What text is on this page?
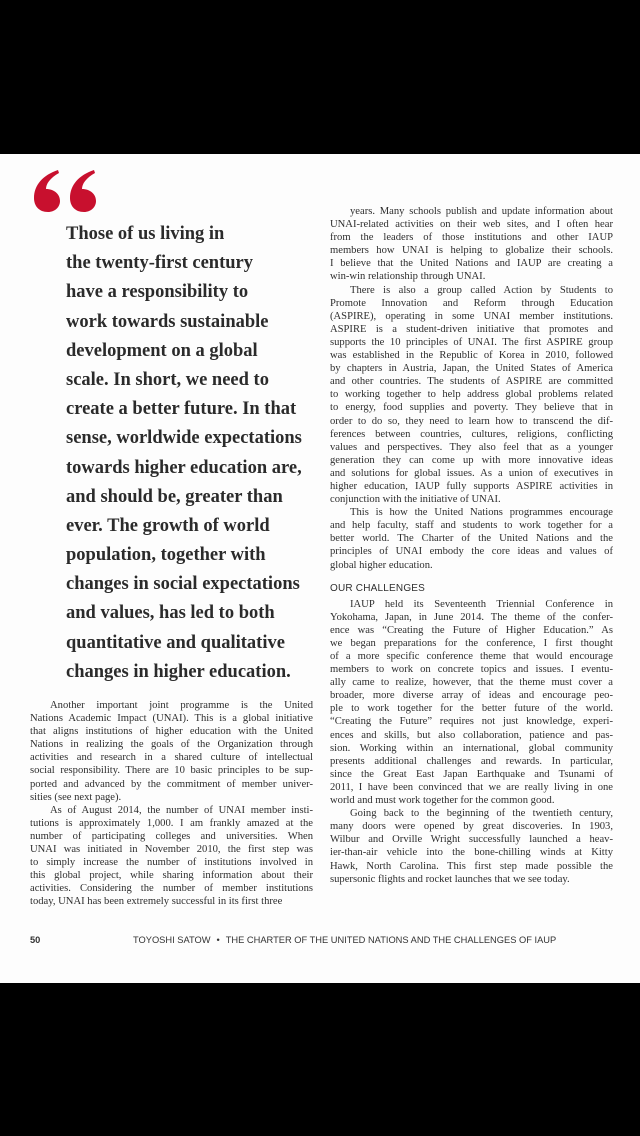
Those of us living in
the twenty-first century
have a responsibility to
work towards sustainable
development on a global
scale. In short, we need to
create a better future. In that
sense, worldwide expectations
towards higher education are,
and should be, greater than
ever. The growth of world
population, together with
changes in social expectations
and values, has led to both
quantitative and qualitative
changes in higher education.
Another important joint programme is the United
Nations Academic Impact (UNAI). This is a global initiative
that aligns institutions of higher education with the United
Nations in realizing the goals of the Organization through
activities and research in a shared culture of intellectual
social responsibility. There are 10 basic principles to be sup-
ported and advanced by the commitment of member univer-
sities (see next page).
As of August 2014, the number of UNAI member insti-
tutions is approximately 1,000. I am frankly amazed at the
number of participating colleges and universities. When
UNAI was initiated in November 2010, the first step was
to simply increase the number of institutions involved in
this global project, while sharing information about their
activities. Considering the number of member institutions
today, UNAI has been extremely successful in its first three
years. Many schools publish and update information about
UNAI-related activities on their web sites, and I often hear
from the leaders of those institutions and other IAUP
members how UNAI is helping to globalize their schools.
I believe that the United Nations and IAUP are creating a
win-win relationship through UNAI.
There is also a group called Action by Students to
Promote Innovation and Reform through Education
(ASPIRE), operating in some UNAI member institutions.
ASPIRE is a student-driven initiative that promotes and
supports the 10 principles of UNAI. The first ASPIRE group
was established in the Republic of Korea in 2010, followed
by chapters in Austria, Japan, the United States of America
and other countries. The students of ASPIRE are committed
to working together to help address global problems related
to energy, food supplies and poverty. They believe that in
order to do so, they need to learn how to transcend the dif-
ferences between countries, cultures, religions, conflicting
values and perspectives. They also feel that as a younger
generation they can come up with more innovative ideas
and solutions for global issues. As a union of executives in
higher education, IAUP fully supports ASPIRE activities in
conjunction with the initiative of UNAI.
This is how the United Nations programmes encourage
and help faculty, staff and students to work together for a
better world. The Charter of the United Nations and the
principles of UNAI embody the core ideas and values of
global higher education.
OUR CHALLENGES
IAUP held its Seventeenth Triennial Conference in
Yokohama, Japan, in June 2014. The theme of the confer-
ence was “Creating the Future of Higher Education.” As
we began preparations for the conference, I first thought
of a more specific conference theme that would encourage
members to work on concrete topics and issues. I eventu-
ally came to realize, however, that the theme must cover a
broader, more diverse array of ideas and encourage peo-
ple to work together for the better future of the world.
“Creating the Future” requires not just knowledge, experi-
ences and skills, but also collaboration, patience and pas-
sion. Working within an international, global community
presents additional challenges and rewards. In particular,
since the Great East Japan Earthquake and Tsunami of
2011, I have been convinced that we are really living in one
world and must work together for the common good.
Going back to the beginning of the twentieth century,
many doors were opened by great discoveries. In 1903,
Wilbur and Orville Wright successfully launched a heav-
ier-than-air vehicle into the bone-chilling winds at Kitty
Hawk, North Carolina. This first step made possible the
supersonic flights and rocket launches that we see today.
50	TOYOSHI SATOW • THE CHARTER OF THE UNITED NATIONS AND THE CHALLENGES OF IAUP
